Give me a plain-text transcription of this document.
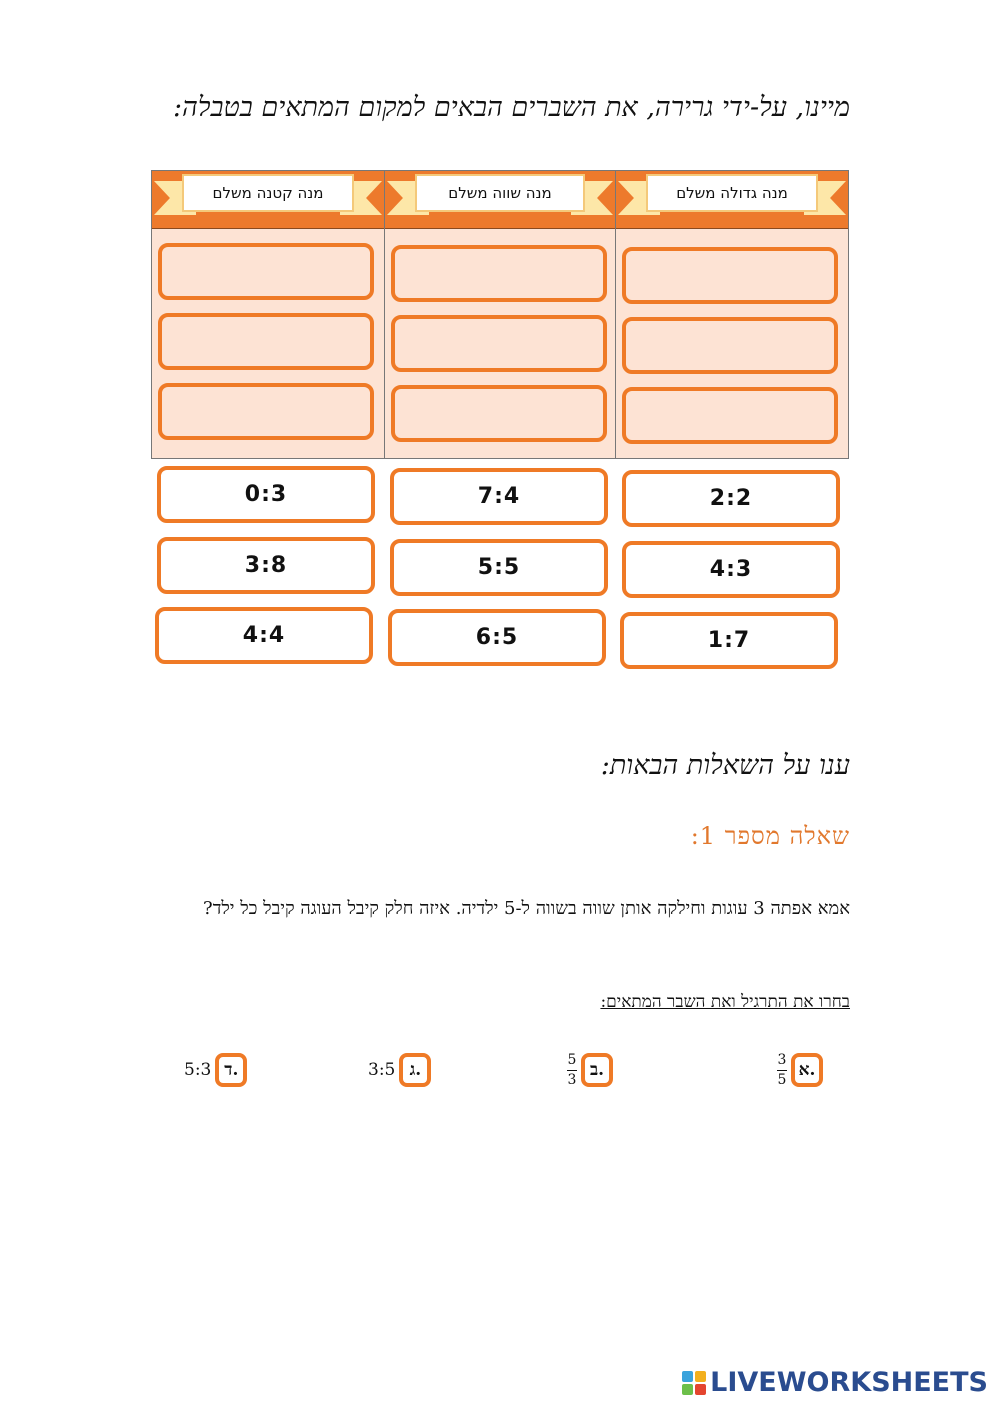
מיינו, על-ידי גרירה, את השברים הבאים למקום המתאים בטבלה:
מנה גדולה משלם
מנה שווה משלם
מנה קטנה משלם
2:2
4:3
1:7
7:4
5:5
6:5
0:3
3:8
4:4
ענו על השאלות הבאות:
שאלה מספר 1:
אמא אפתה 3 עוגות וחילקה אותן שווה בשווה ל-5 ילדיה. איזה חלק קיבל העוגה קיבל כל ילד?
בחרו את התרגיל ואת השבר המתאים:
5:3 ד.	3:5 ג.	$\frac{5}{3}$ ב.	$\frac{3}{5}$ א.
LIVEWORKSHEETS
